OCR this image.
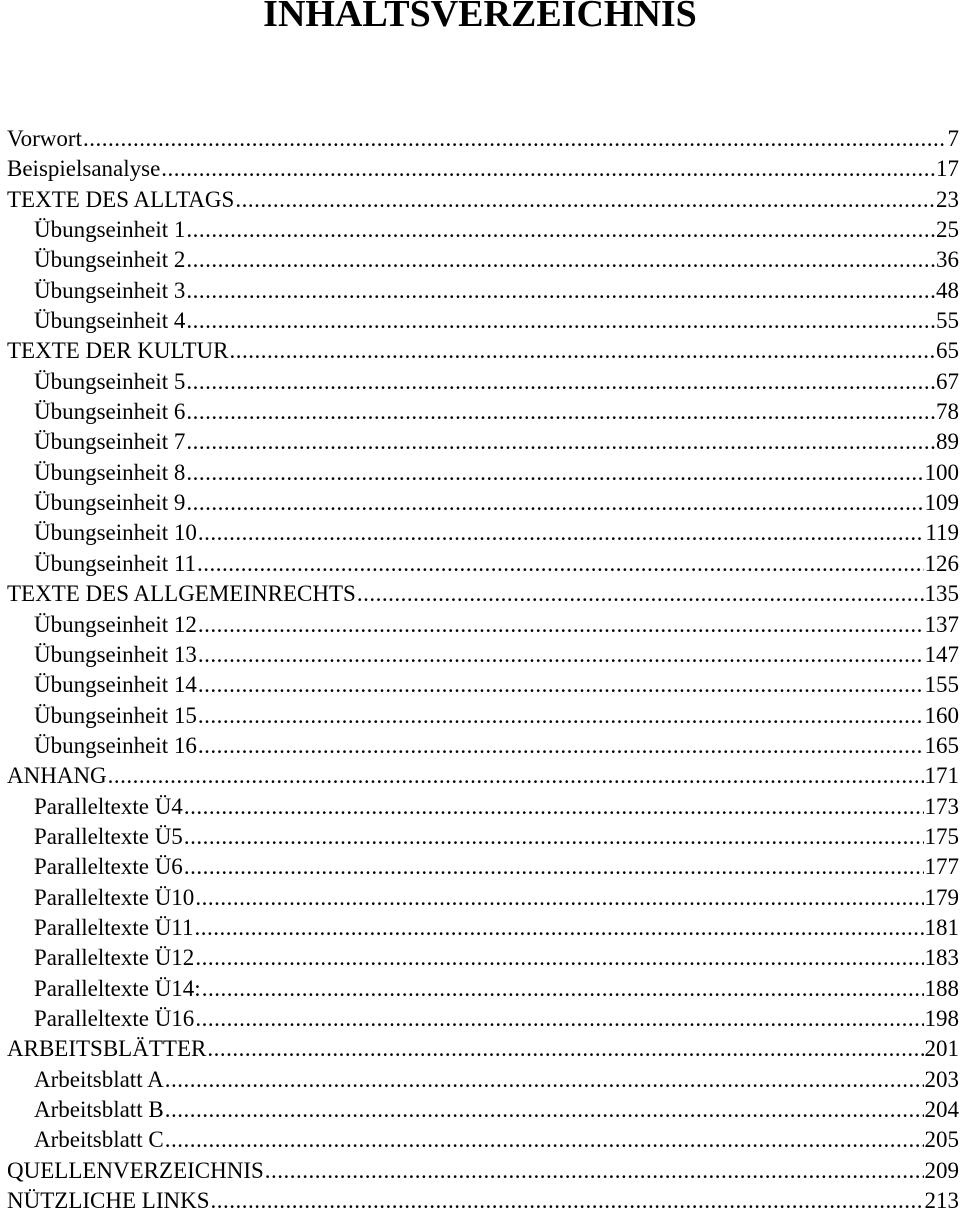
INHALTSVERZEICHNIS
Vorwort .....	7
Beispielsanalyse .....	17
TEXTE DES ALLTAGS .....	23
Übungseinheit 1 .....	25
Übungseinheit 2 .....	36
Übungseinheit 3 .....	48
Übungseinheit 4 .....	55
TEXTE DER KULTUR .....	65
Übungseinheit 5 .....	67
Übungseinheit 6 .....	78
Übungseinheit 7 .....	89
Übungseinheit 8 .....	100
Übungseinheit 9 .....	109
Übungseinheit 10 .....	119
Übungseinheit 11 .....	126
TEXTE DES ALLGEMEINRECHTS .....	135
Übungseinheit 12 .....	137
Übungseinheit 13 .....	147
Übungseinheit 14 .....	155
Übungseinheit 15 .....	160
Übungseinheit 16 .....	165
ANHANG .....	171
Paralleltexte Ü4 .....	173
Paralleltexte Ü5 .....	175
Paralleltexte Ü6 .....	177
Paralleltexte Ü10 .....	179
Paralleltexte Ü11 .....	181
Paralleltexte Ü12 .....	183
Paralleltexte Ü14: .....	188
Paralleltexte Ü16 .....	198
ARBEITSBLÄTTER .....	201
Arbeitsblatt A .....	203
Arbeitsblatt B .....	204
Arbeitsblatt C .....	205
QUELLENVERZEICHNIS .....	209
NÜTZLICHE LINKS .....	213
